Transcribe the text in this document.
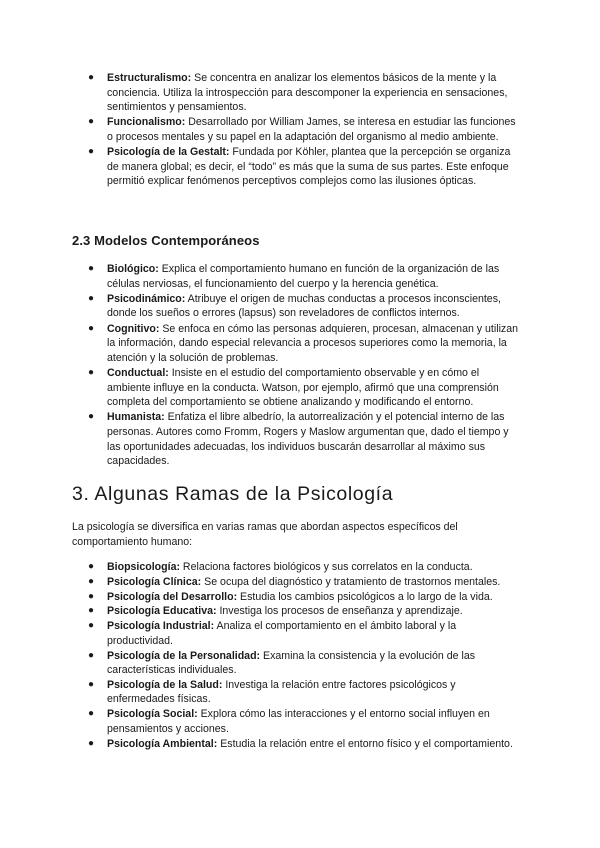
● Estructuralismo: Se concentra en analizar los elementos básicos de la mente y la conciencia. Utiliza la introspección para descomponer la experiencia en sensaciones, sentimientos y pensamientos.
● Funcionalismo: Desarrollado por William James, se interesa en estudiar las funciones o procesos mentales y su papel en la adaptación del organismo al medio ambiente.
● Psicología de la Gestalt: Fundada por Köhler, plantea que la percepción se organiza de manera global; es decir, el “todo” es más que la suma de sus partes. Este enfoque permitió explicar fenómenos perceptivos complejos como las ilusiones ópticas.
2.3 Modelos Contemporáneos
● Biológico: Explica el comportamiento humano en función de la organización de las células nerviosas, el funcionamiento del cuerpo y la herencia genética.
● Psicodinámico: Atribuye el origen de muchas conductas a procesos inconscientes, donde los sueños o errores (lapsus) son reveladores de conflictos internos.
● Cognitivo: Se enfoca en cómo las personas adquieren, procesan, almacenan y utilizan la información, dando especial relevancia a procesos superiores como la memoria, la atención y la solución de problemas.
● Conductual: Insiste en el estudio del comportamiento observable y en cómo el ambiente influye en la conducta. Watson, por ejemplo, afirmó que una comprensión completa del comportamiento se obtiene analizando y modificando el entorno.
● Humanista: Enfatiza el libre albedrío, la autorrealización y el potencial interno de las personas. Autores como Fromm, Rogers y Maslow argumentan que, dado el tiempo y las oportunidades adecuadas, los individuos buscarán desarrollar al máximo sus capacidades.
3. Algunas Ramas de la Psicología
La psicología se diversifica en varias ramas que abordan aspectos específicos del comportamiento humano:
● Biopsicología: Relaciona factores biológicos y sus correlatos en la conducta.
● Psicología Clínica: Se ocupa del diagnóstico y tratamiento de trastornos mentales.
● Psicología del Desarrollo: Estudia los cambios psicológicos a lo largo de la vida.
● Psicología Educativa: Investiga los procesos de enseñanza y aprendizaje.
● Psicología Industrial: Analiza el comportamiento en el ámbito laboral y la productividad.
● Psicología de la Personalidad: Examina la consistencia y la evolución de las características individuales.
● Psicología de la Salud: Investiga la relación entre factores psicológicos y enfermedades físicas.
● Psicología Social: Explora cómo las interacciones y el entorno social influyen en pensamientos y acciones.
● Psicología Ambiental: Estudia la relación entre el entorno físico y el comportamiento.
